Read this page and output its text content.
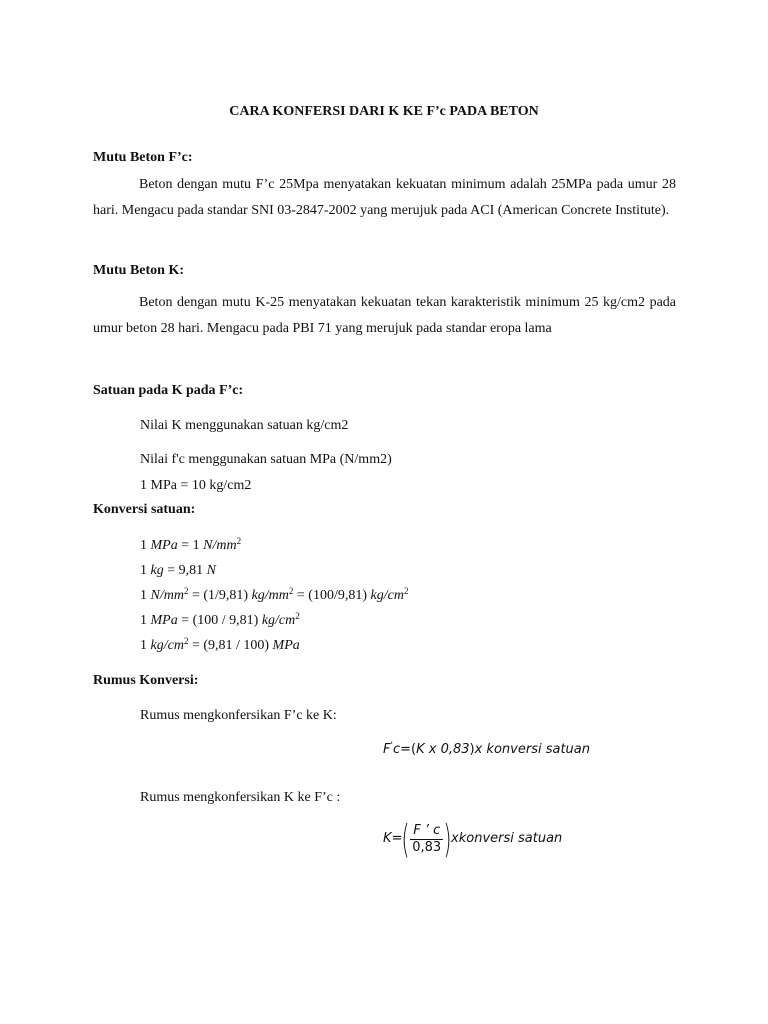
CARA KONFERSI DARI K KE F’c PADA BETON
Mutu Beton F’c:
Beton dengan mutu F’c 25Mpa menyatakan kekuatan minimum adalah 25MPa pada umur 28 hari. Mengacu pada standar SNI 03-2847-2002 yang merujuk pada ACI (American Concrete Institute).
Mutu Beton K:
Beton dengan mutu K-25 menyatakan kekuatan tekan karakteristik minimum 25 kg/cm2 pada umur beton 28 hari. Mengacu pada PBI 71 yang merujuk pada standar eropa lama
Satuan pada K pada F’c:
Nilai K menggunakan satuan kg/cm2
Nilai f'c menggunakan satuan MPa (N/mm2)
1 MPa = 10 kg/cm2
Konversi satuan:
1 MPa = 1 $N/mm^2$
1 kg = 9,81 N
1 $N/mm^2 = (1/9,81) kg/mm^2 = (100/9,81)$ $kg/cm^2$
1 MPa = (100 / 9,81) $kg/cm^2$
1 $kg/cm^2 = (9,81 / 100)$ MPa
Rumus Konversi:
Rumus mengkonfersikan F’c ke K:
F'c=(K x 0,83)x konversi satuan
Rumus mengkonfersikan K ke F’c :
K= ( $\frac{F ’ c}{0,83}$ ) xkonversi satuan
